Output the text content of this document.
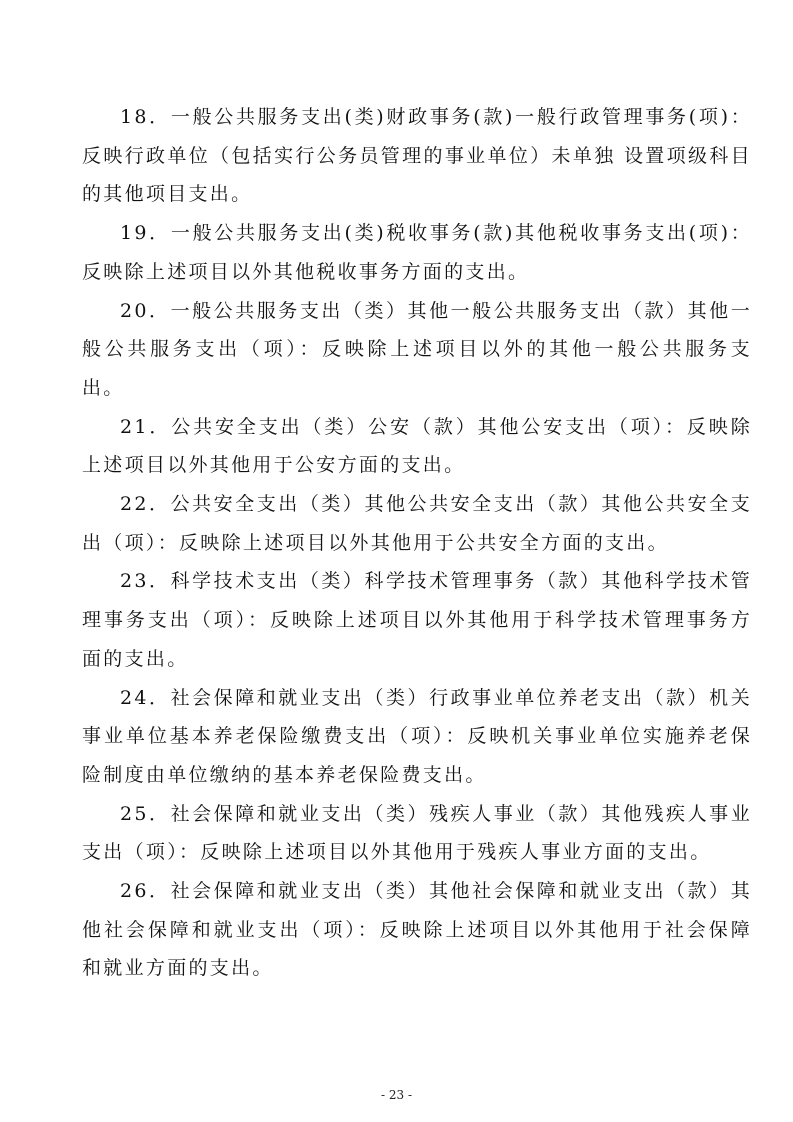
18．一般公共服务支出(类)财政事务(款)一般行政管理事务(项)：反映行政单位（包括实行公务员管理的事业单位）未单独 设置项级科目的其他项目支出。

19．一般公共服务支出(类)税收事务(款)其他税收事务支出(项)：反映除上述项目以外其他税收事务方面的支出。

20．一般公共服务支出（类）其他一般公共服务支出（款）其他一般公共服务支出（项）：反映除上述项目以外的其他一般公共服务支出。

21．公共安全支出（类）公安（款）其他公安支出（项）：反映除上述项目以外其他用于公安方面的支出。

22．公共安全支出（类）其他公共安全支出（款）其他公共安全支出（项）：反映除上述项目以外其他用于公共安全方面的支出。

23．科学技术支出（类）科学技术管理事务（款）其他科学技术管理事务支出（项）：反映除上述项目以外其他用于科学技术管理事务方面的支出。

24．社会保障和就业支出（类）行政事业单位养老支出（款）机关事业单位基本养老保险缴费支出（项）：反映机关事业单位实施养老保险制度由单位缴纳的基本养老保险费支出。

25．社会保障和就业支出（类）残疾人事业（款）其他残疾人事业支出（项）：反映除上述项目以外其他用于残疾人事业方面的支出。

26．社会保障和就业支出（类）其他社会保障和就业支出（款）其他社会保障和就业支出（项）：反映除上述项目以外其他用于社会保障和就业方面的支出。

- 23 -
